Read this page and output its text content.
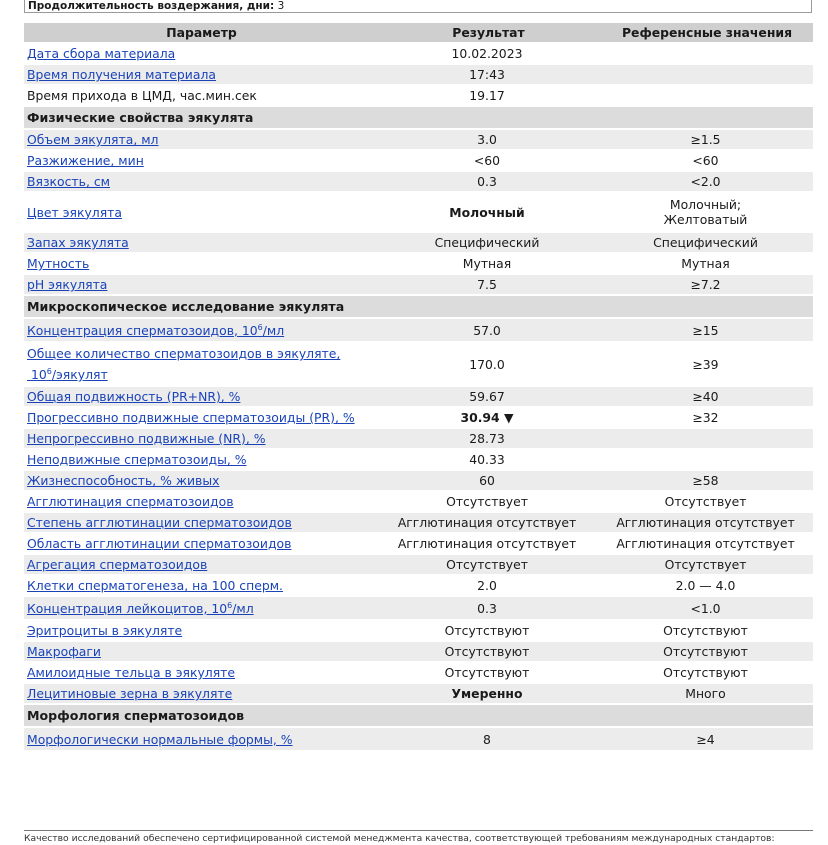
Продолжительность воздержания, дни: 3
Параметр	Результат	Референсные значения
Дата сбора материала	10.02.2023	
Время получения материала	17:43	
Время прихода в ЦМД, час.мин.сек	19.17	
Физические свойства эякулята		
Объем эякулята, мл	3.0	≥1.5
Разжижение, мин	<60	<60
Вязкость, см	0.3	<2.0
Цвет эякулята	Молочный	Молочный;
Желтоватый
Запах эякулята	Специфический	Специфический
Мутность	Мутная	Мутная
pH эякулята	7.5	≥7.2
Микроскопическое исследование эякулята		
Концентрация сперматозоидов, $10^6/мл$	57.0	≥15
Общее количество сперматозоидов в эякуляте,
$10^6$/эякулят	170.0	≥39
Общая подвижность (PR+NR), %	59.67	≥40
Прогрессивно подвижные сперматозоиды (PR), %	30.94 ▼	≥32
Непрогрессивно подвижные (NR), %	28.73	
Неподвижные сперматозоиды, %	40.33	
Жизнеспособность, % живых	60	≥58
Агглютинация сперматозоидов	Отсутствует	Отсутствует
Степень агглютинации сперматозоидов	Агглютинация отсутствует	Агглютинация отсутствует
Область агглютинации сперматозоидов	Агглютинация отсутствует	Агглютинация отсутствует
Агрегация сперматозоидов	Отсутствует	Отсутствует
Клетки сперматогенеза, на 100 сперм.	2.0	2.0 — 4.0
Концентрация лейкоцитов, $10^6/мл$	0.3	<1.0
Эритроциты в эякуляте	Отсутствуют	Отсутствуют
Макрофаги	Отсутствуют	Отсутствуют
Амилоидные тельца в эякуляте	Отсутствуют	Отсутствуют
Лецитиновые зерна в эякуляте	Умеренно	Много
Морфология сперматозоидов		
Морфологически нормальные формы, %	8	≥4
Качество исследований обеспечено сертифицированной системой менеджмента качества, соответствующей требованиям международных стандартов:
